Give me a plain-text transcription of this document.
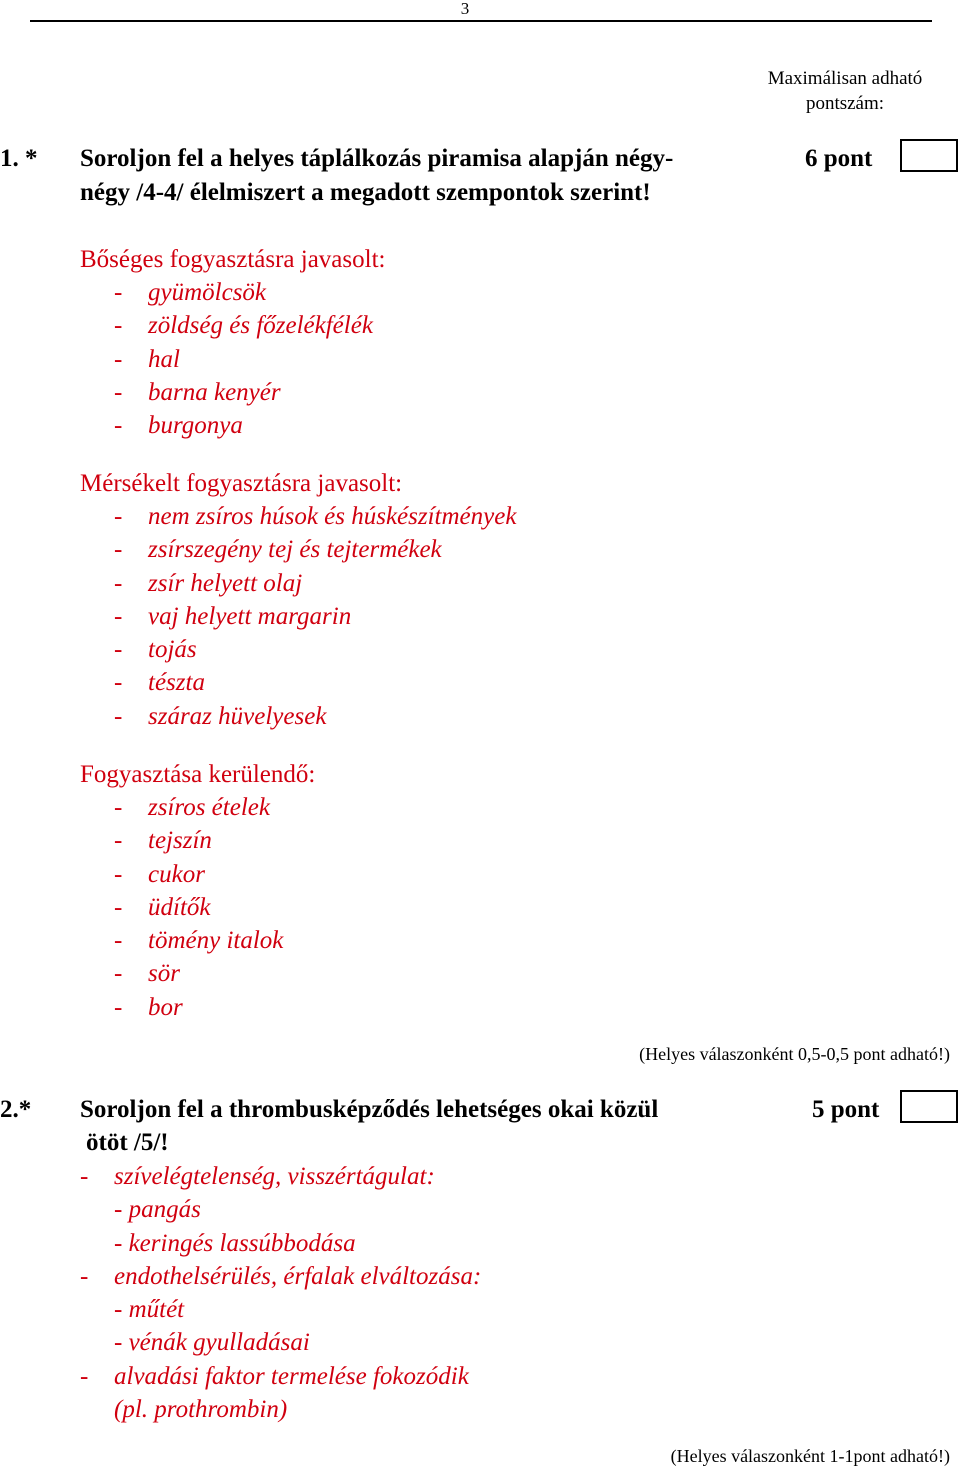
3
Maximálisan adható
pontszám:
1. * Soroljon fel a helyes táplálkozás piramisa alapján négy-négy /4-4/ élelmiszert a megadott szempontok szerint!
6 pont
Bőséges fogyasztásra javasolt:
- gyümölcsök
- zöldség és főzelékfélék
- hal
- barna kenyér
- burgonya
Mérsékelt fogyasztásra javasolt:
- nem zsíros húsok és húskészítmények
- zsírszegény tej és tejtermékek
- zsír helyett olaj
- vaj helyett margarin
- tojás
- tészta
- száraz hüvelyesek
Fogyasztása kerülendő:
- zsíros ételek
- tejszín
- cukor
- üdítők
- tömény italok
- sör
- bor
(Helyes válaszonként 0,5-0,5 pont adható!)
2.* Soroljon fel a thrombusképződés lehetséges okai közül
ötöt /5/!
5 pont
- szívelégtelenség, visszértágulat:
- pangás
- keringés lassúbbodása
- endothelsérülés, érfalak elváltozása:
- műtét
- vénák gyulladásai
- alvadási faktor termelése fokozódik
(pl. prothrombin)
(Helyes válaszonként 1-1pont adható!)
